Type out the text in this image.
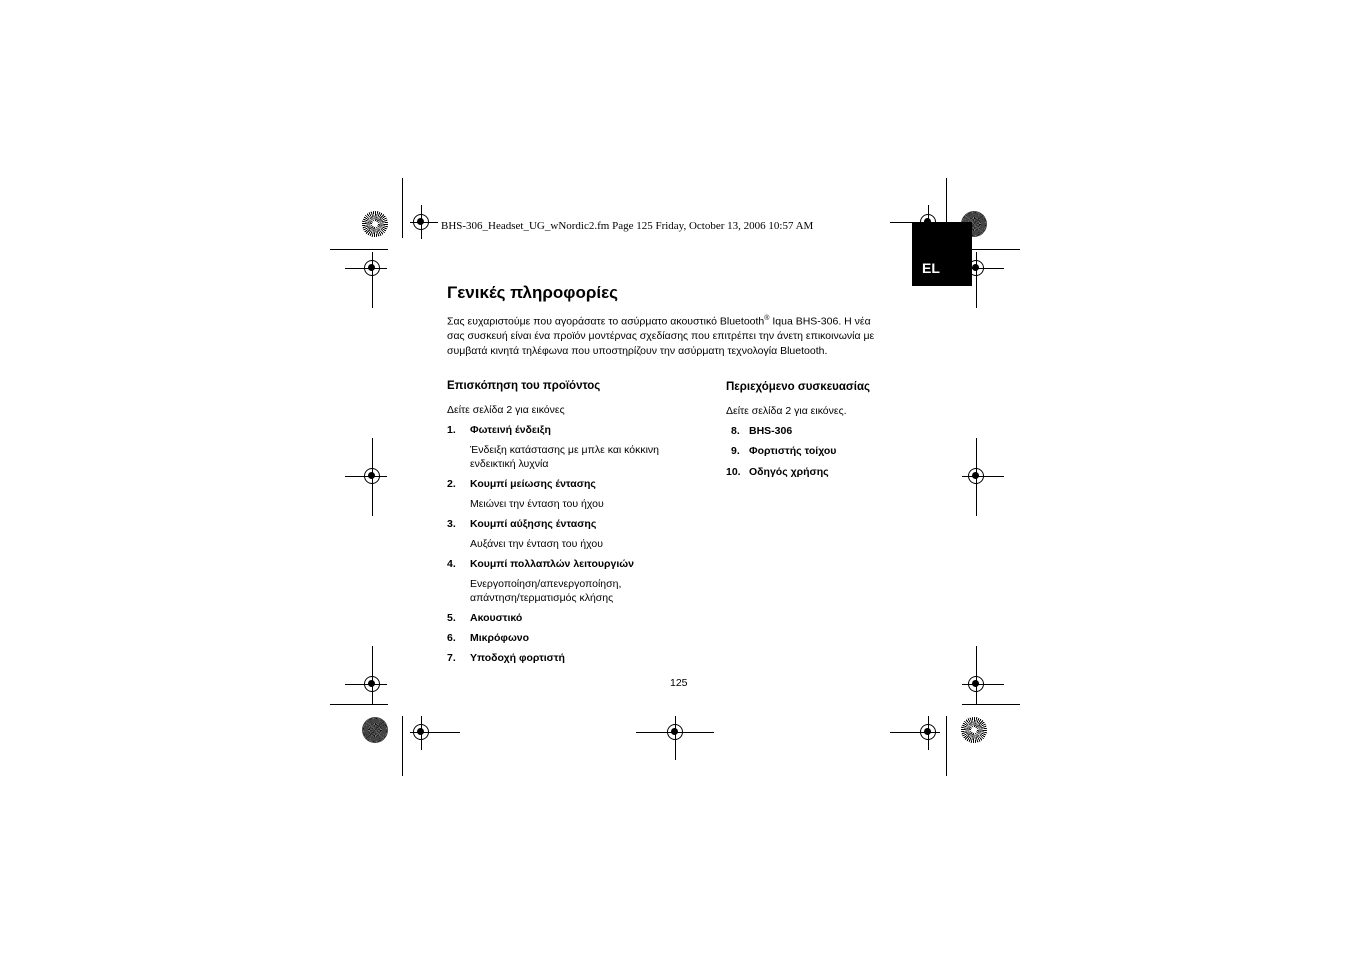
BHS-306_Headset_UG_wNordic2.fm Page 125 Friday, October 13, 2006 10:57 AM
EL
Γενικές πληροφορίες
Σας ευχαριστούμε που αγοράσατε το ασύρματο ακουστικό Bluetooth® Iqua BHS-306. Η νέα
σας συσκευή είναι ένα προϊόν μοντέρνας σχεδίασης που επιτρέπει την άνετη επικοινωνία με
συμβατά κινητά τηλέφωνα που υποστηρίζουν την ασύρματη τεχνολογία Bluetooth.
Επισκόπηση του προϊόντος
Δείτε σελίδα 2 για εικόνες
1. Φωτεινή ένδειξη
Ένδειξη κατάστασης με μπλε και κόκκινη
ενδεικτική λυχνία
2. Κουμπί μείωσης έντασης
Μειώνει την ένταση του ήχου
3. Κουμπί αύξησης έντασης
Αυξάνει την ένταση του ήχου
4. Κουμπί πολλαπλών λειτουργιών
Ενεργοποίηση/απενεργοποίηση,
απάντηση/τερματισμός κλήσης
5. Ακουστικό
6. Μικρόφωνο
7. Υποδοχή φορτιστή
Περιεχόμενο συσκευασίας
Δείτε σελίδα 2 για εικόνες.
8. BHS-306
9. Φορτιστής τοίχου
10. Οδηγός χρήσης
125
